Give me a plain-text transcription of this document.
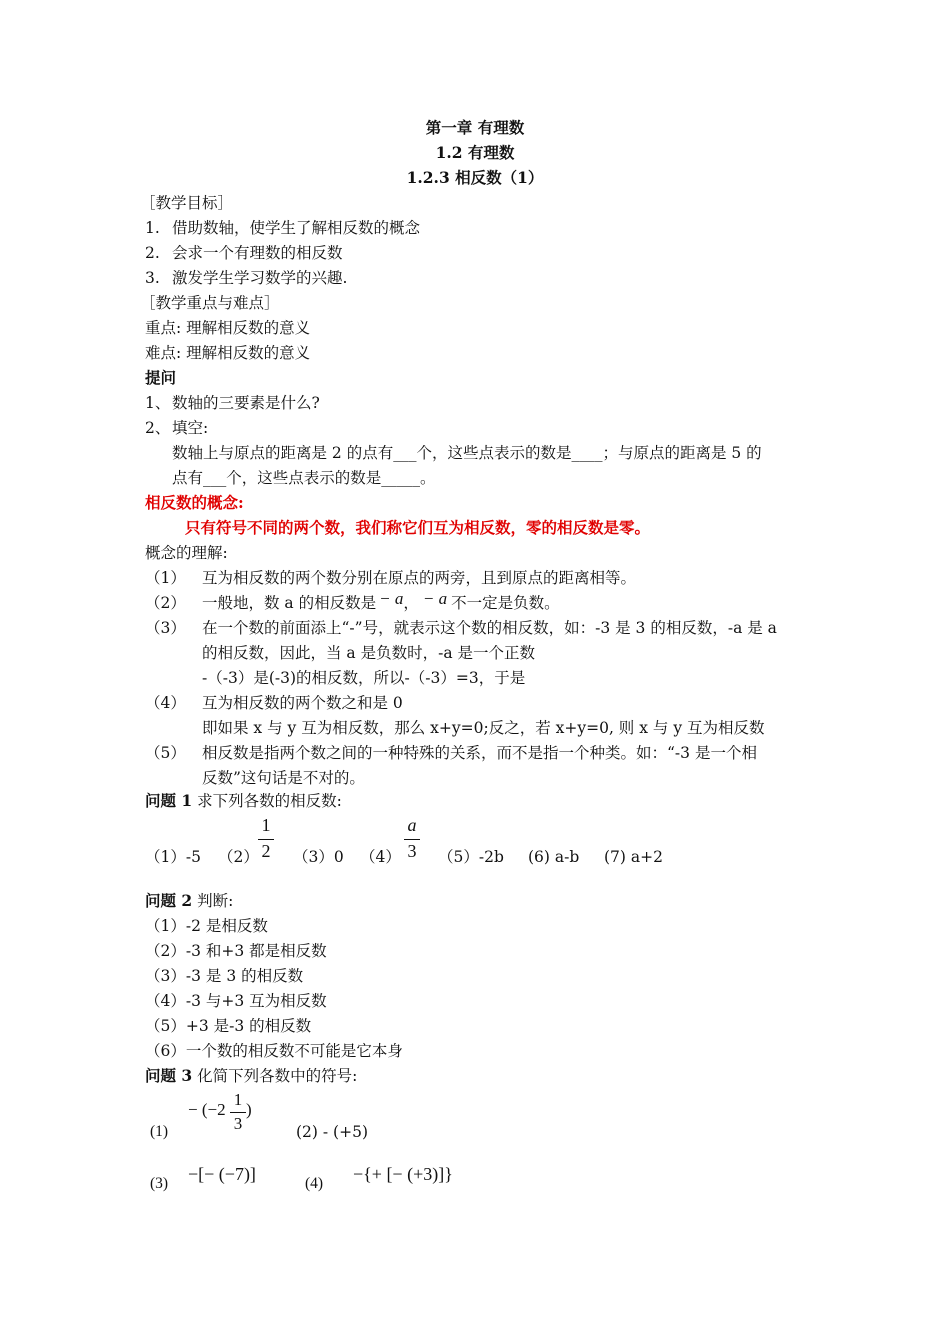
第一章 有理数
1.2 有理数
1.2.3 相反数（1）
［教学目标］
1. 借助数轴，使学生了解相反数的概念
2. 会求一个有理数的相反数
3. 激发学生学习数学的兴趣.
［教学重点与难点］
重点: 理解相反数的意义
难点: 理解相反数的意义
提问
1、 数轴的三要素是什么?
2、 填空:
数轴上与原点的距离是 2 的点有___个，这些点表示的数是____；与原点的距离是 5 的
点有___个，这些点表示的数是_____。
相反数的概念:
只有符号不同的两个数，我们称它们互为相反数，零的相反数是零。
概念的理解:
（1） 互为相反数的两个数分别在原点的两旁，且到原点的距离相等。
（2） 一般地，数 a 的相反数是 − a， − a 不一定是负数。
（3） 在一个数的前面添上“-”号，就表示这个数的相反数，如：-3 是 3 的相反数，-a 是 a
的相反数，因此，当 a 是负数时，-a 是一个正数
-（-3）是(-3)的相反数，所以-（-3）=3，于是
（4） 互为相反数的两个数之和是 0
即如果 x 与 y 互为相反数，那么 x+y=0;反之，若 x+y=0, 则 x 与 y 互为相反数
（5） 相反数是指两个数之间的一种特殊的关系，而不是指一个种类。如：“-3 是一个相
反数”这句话是不对的。
问题 1 求下列各数的相反数:
（1）-5 （2）
1
2	（3）0 （4）
a
3	（5）-2b (6) a-b (7) a+2
问题 2 判断:
（1）-2 是相反数
（2）-3 和+3 都是相反数
（3）-3 是 3 的相反数
（4）-3 与+3 互为相反数
（5）+3 是-3 的相反数
（6）一个数的相反数不可能是它本身
问题 3 化简下列各数中的符号:
(1)
− (−2
1
3
)
(2) - (+5)
(3) −[− (−7)]	(4) −{+ [− (+3)]}
